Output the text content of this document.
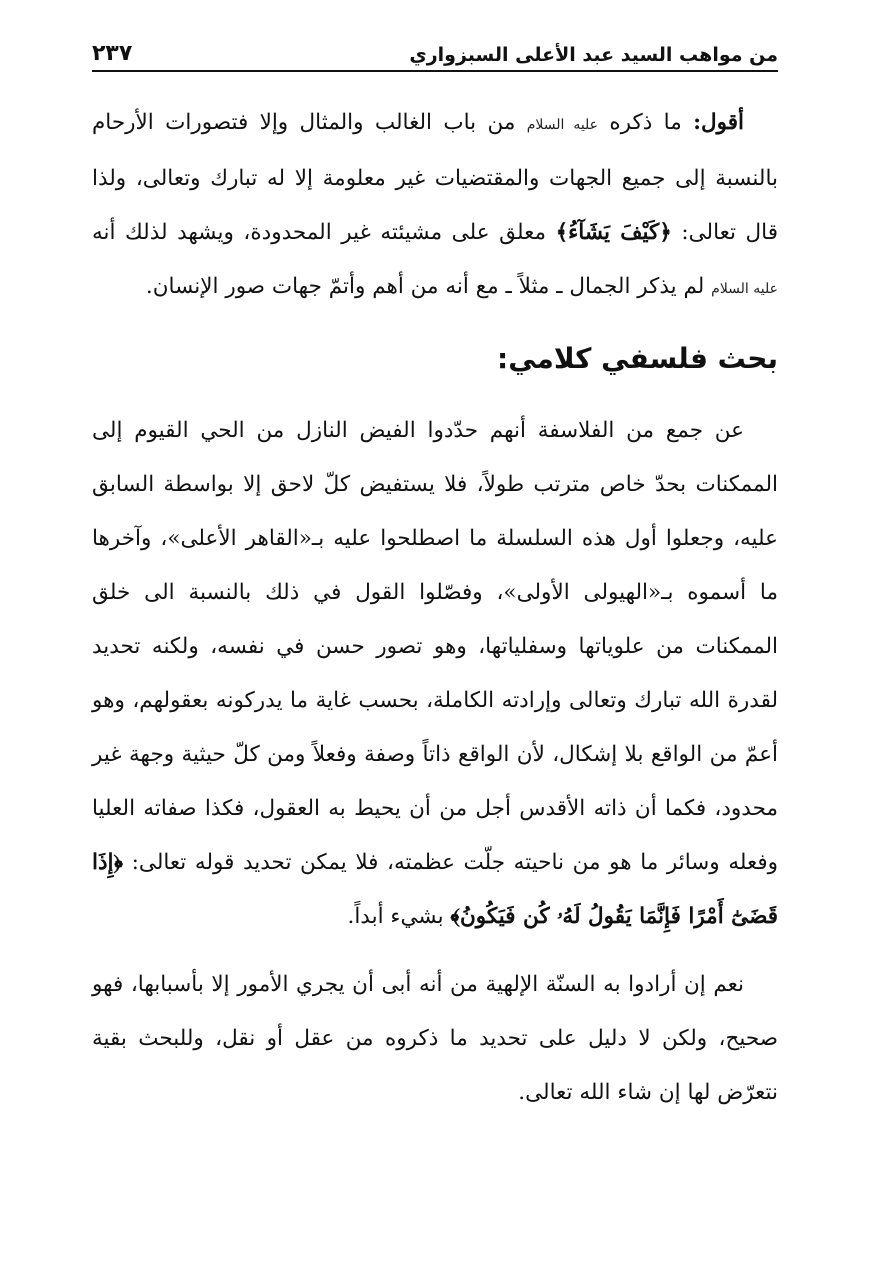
من مواهب السيد عبد الأعلى السبزواري
٢٣٧

أقول: ما ذكره عليه السلام من باب الغالب والمثال وإلا فتصورات الأرحام بالنسبة إلى جميع الجهات والمقتضيات غير معلومة إلا له تبارك وتعالى، ولذا قال تعالى: ﴿كَيْفَ يَشَآءُ﴾ معلق على مشيئته غير المحدودة، ويشهد لذلك أنه عليه السلام لم يذكر الجمال ـ مثلاً ـ مع أنه من أهم وأتمّ جهات صور الإنسان.

بحث فلسفي كلامي:

عن جمع من الفلاسفة أنهم حدّدوا الفيض النازل من الحي القيوم إلى الممكنات بحدّ خاص مترتب طولاً، فلا يستفيض كلّ لاحق إلا بواسطة السابق عليه، وجعلوا أول هذه السلسلة ما اصطلحوا عليه بـ«القاهر الأعلى»، وآخرها ما أسموه بـ«الهيولى الأولى»، وفصّلوا القول في ذلك بالنسبة الى خلق الممكنات من علوياتها وسفلياتها، وهو تصور حسن في نفسه، ولكنه تحديد لقدرة الله تبارك وتعالى وإرادته الكاملة، بحسب غاية ما يدركونه بعقولهم، وهو أعمّ من الواقع بلا إشكال، لأن الواقع ذاتاً وصفة وفعلاً ومن كلّ حيثية وجهة غير محدود، فكما أن ذاته الأقدس أجل من أن يحيط به العقول، فكذا صفاته العليا وفعله وسائر ما هو من ناحيته جلّت عظمته، فلا يمكن تحديد قوله تعالى: ﴿إِذَا قَضَىٰٓ أَمْرًا فَإِنَّمَا يَقُولُ لَهُۥ كُن فَيَكُونُ﴾ بشيء أبداً.

نعم إن أرادوا به السنّة الإلهية من أنه أبى أن يجري الأمور إلا بأسبابها، فهو صحيح، ولكن لا دليل على تحديد ما ذكروه من عقل أو نقل، وللبحث بقية نتعرّض لها إن شاء الله تعالى.
